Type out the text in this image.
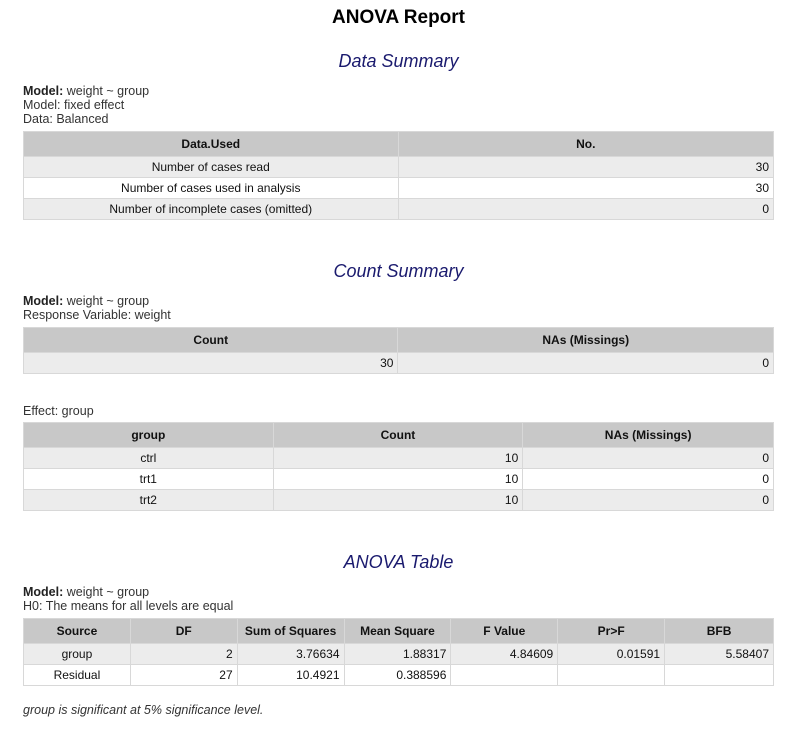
ANOVA Report
Data Summary
Model: weight ~ group
Model: fixed effect
Data: Balanced
Data.Used	No.
Number of cases read	30
Number of cases used in analysis	30
Number of incomplete cases (omitted)	0
Count Summary
Model: weight ~ group
Response Variable: weight
Count	NAs (Missings)
30	0
Effect: group
group	Count	NAs (Missings)
ctrl	10	0
trt1	10	0
trt2	10	0
ANOVA Table
Model: weight ~ group
H0: The means for all levels are equal
Source	DF	Sum of Squares	Mean Square	F Value	Pr>F	BFB
group	2	3.76634	1.88317	4.84609	0.01591	5.58407
Residual	27	10.4921	0.388596			
group is significant at 5% significance level.
